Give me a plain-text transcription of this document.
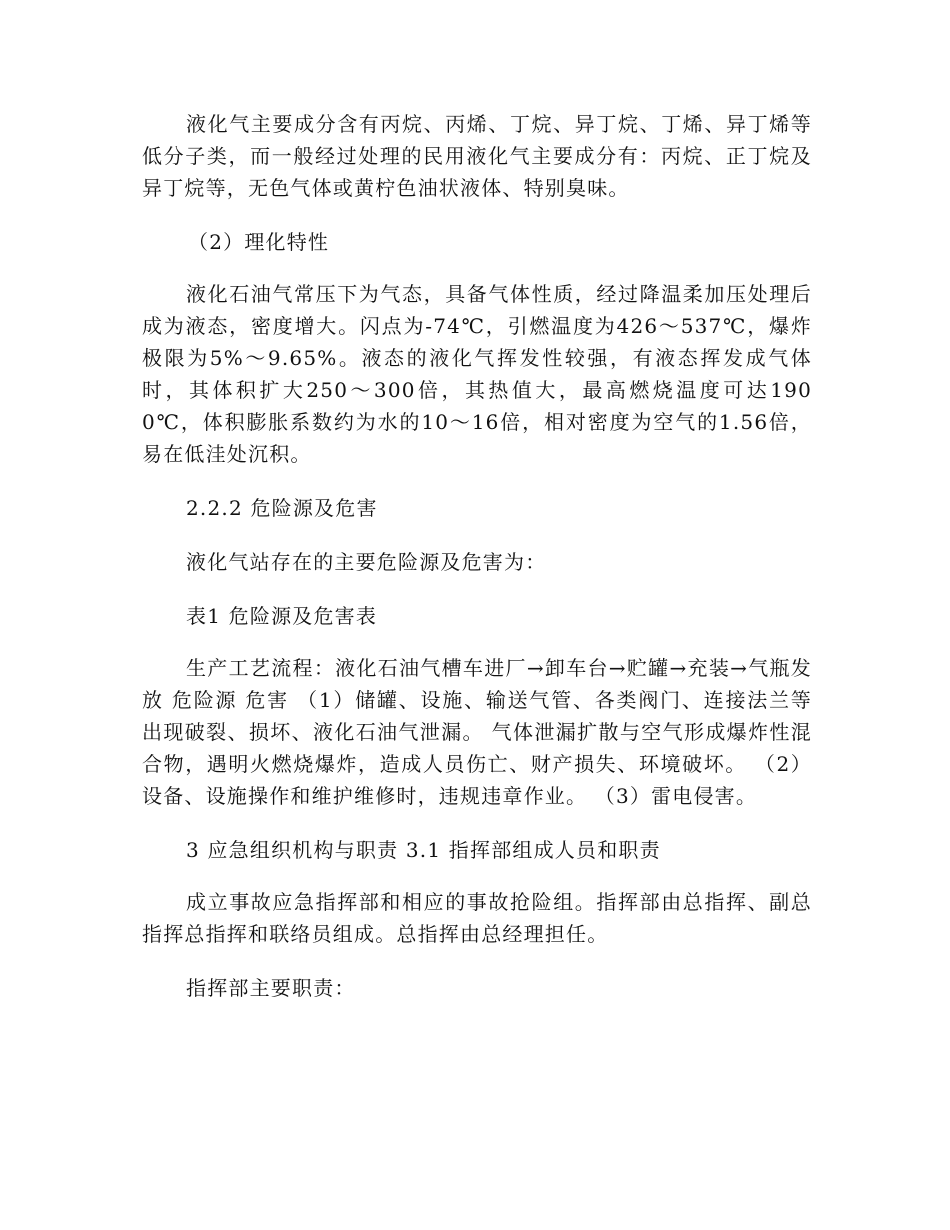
液化气主要成分含有丙烷、丙烯、丁烷、异丁烷、丁烯、异丁烯等低分子类，而一般经过处理的民用液化气主要成分有：丙烷、正丁烷及异丁烷等，无色气体或黄柠色油状液体、特别臭味。

（2）理化特性

液化石油气常压下为气态，具备气体性质，经过降温柔加压处理后成为液态，密度增大。闪点为-74℃，引燃温度为426～537℃，爆炸极限为5%～9.65%。液态的液化气挥发性较强，有液态挥发成气体时，其体积扩大250～300倍，其热值大，最高燃烧温度可达1900℃，体积膨胀系数约为水的10～16倍，相对密度为空气的1.56倍，易在低洼处沉积。

2.2.2 危险源及危害

液化气站存在的主要危险源及危害为：

表1 危险源及危害表

生产工艺流程：液化石油气槽车进厂→卸车台→贮罐→充装→气瓶发放 危险源 危害 （1）储罐、设施、输送气管、各类阀门、连接法兰等出现破裂、损坏、液化石油气泄漏。 气体泄漏扩散与空气形成爆炸性混合物，遇明火燃烧爆炸，造成人员伤亡、财产损失、环境破坏。 （2）设备、设施操作和维护维修时，违规违章作业。 （3）雷电侵害。

3 应急组织机构与职责 3.1 指挥部组成人员和职责

成立事故应急指挥部和相应的事故抢险组。指挥部由总指挥、副总指挥总指挥和联络员组成。总指挥由总经理担任。

指挥部主要职责：
